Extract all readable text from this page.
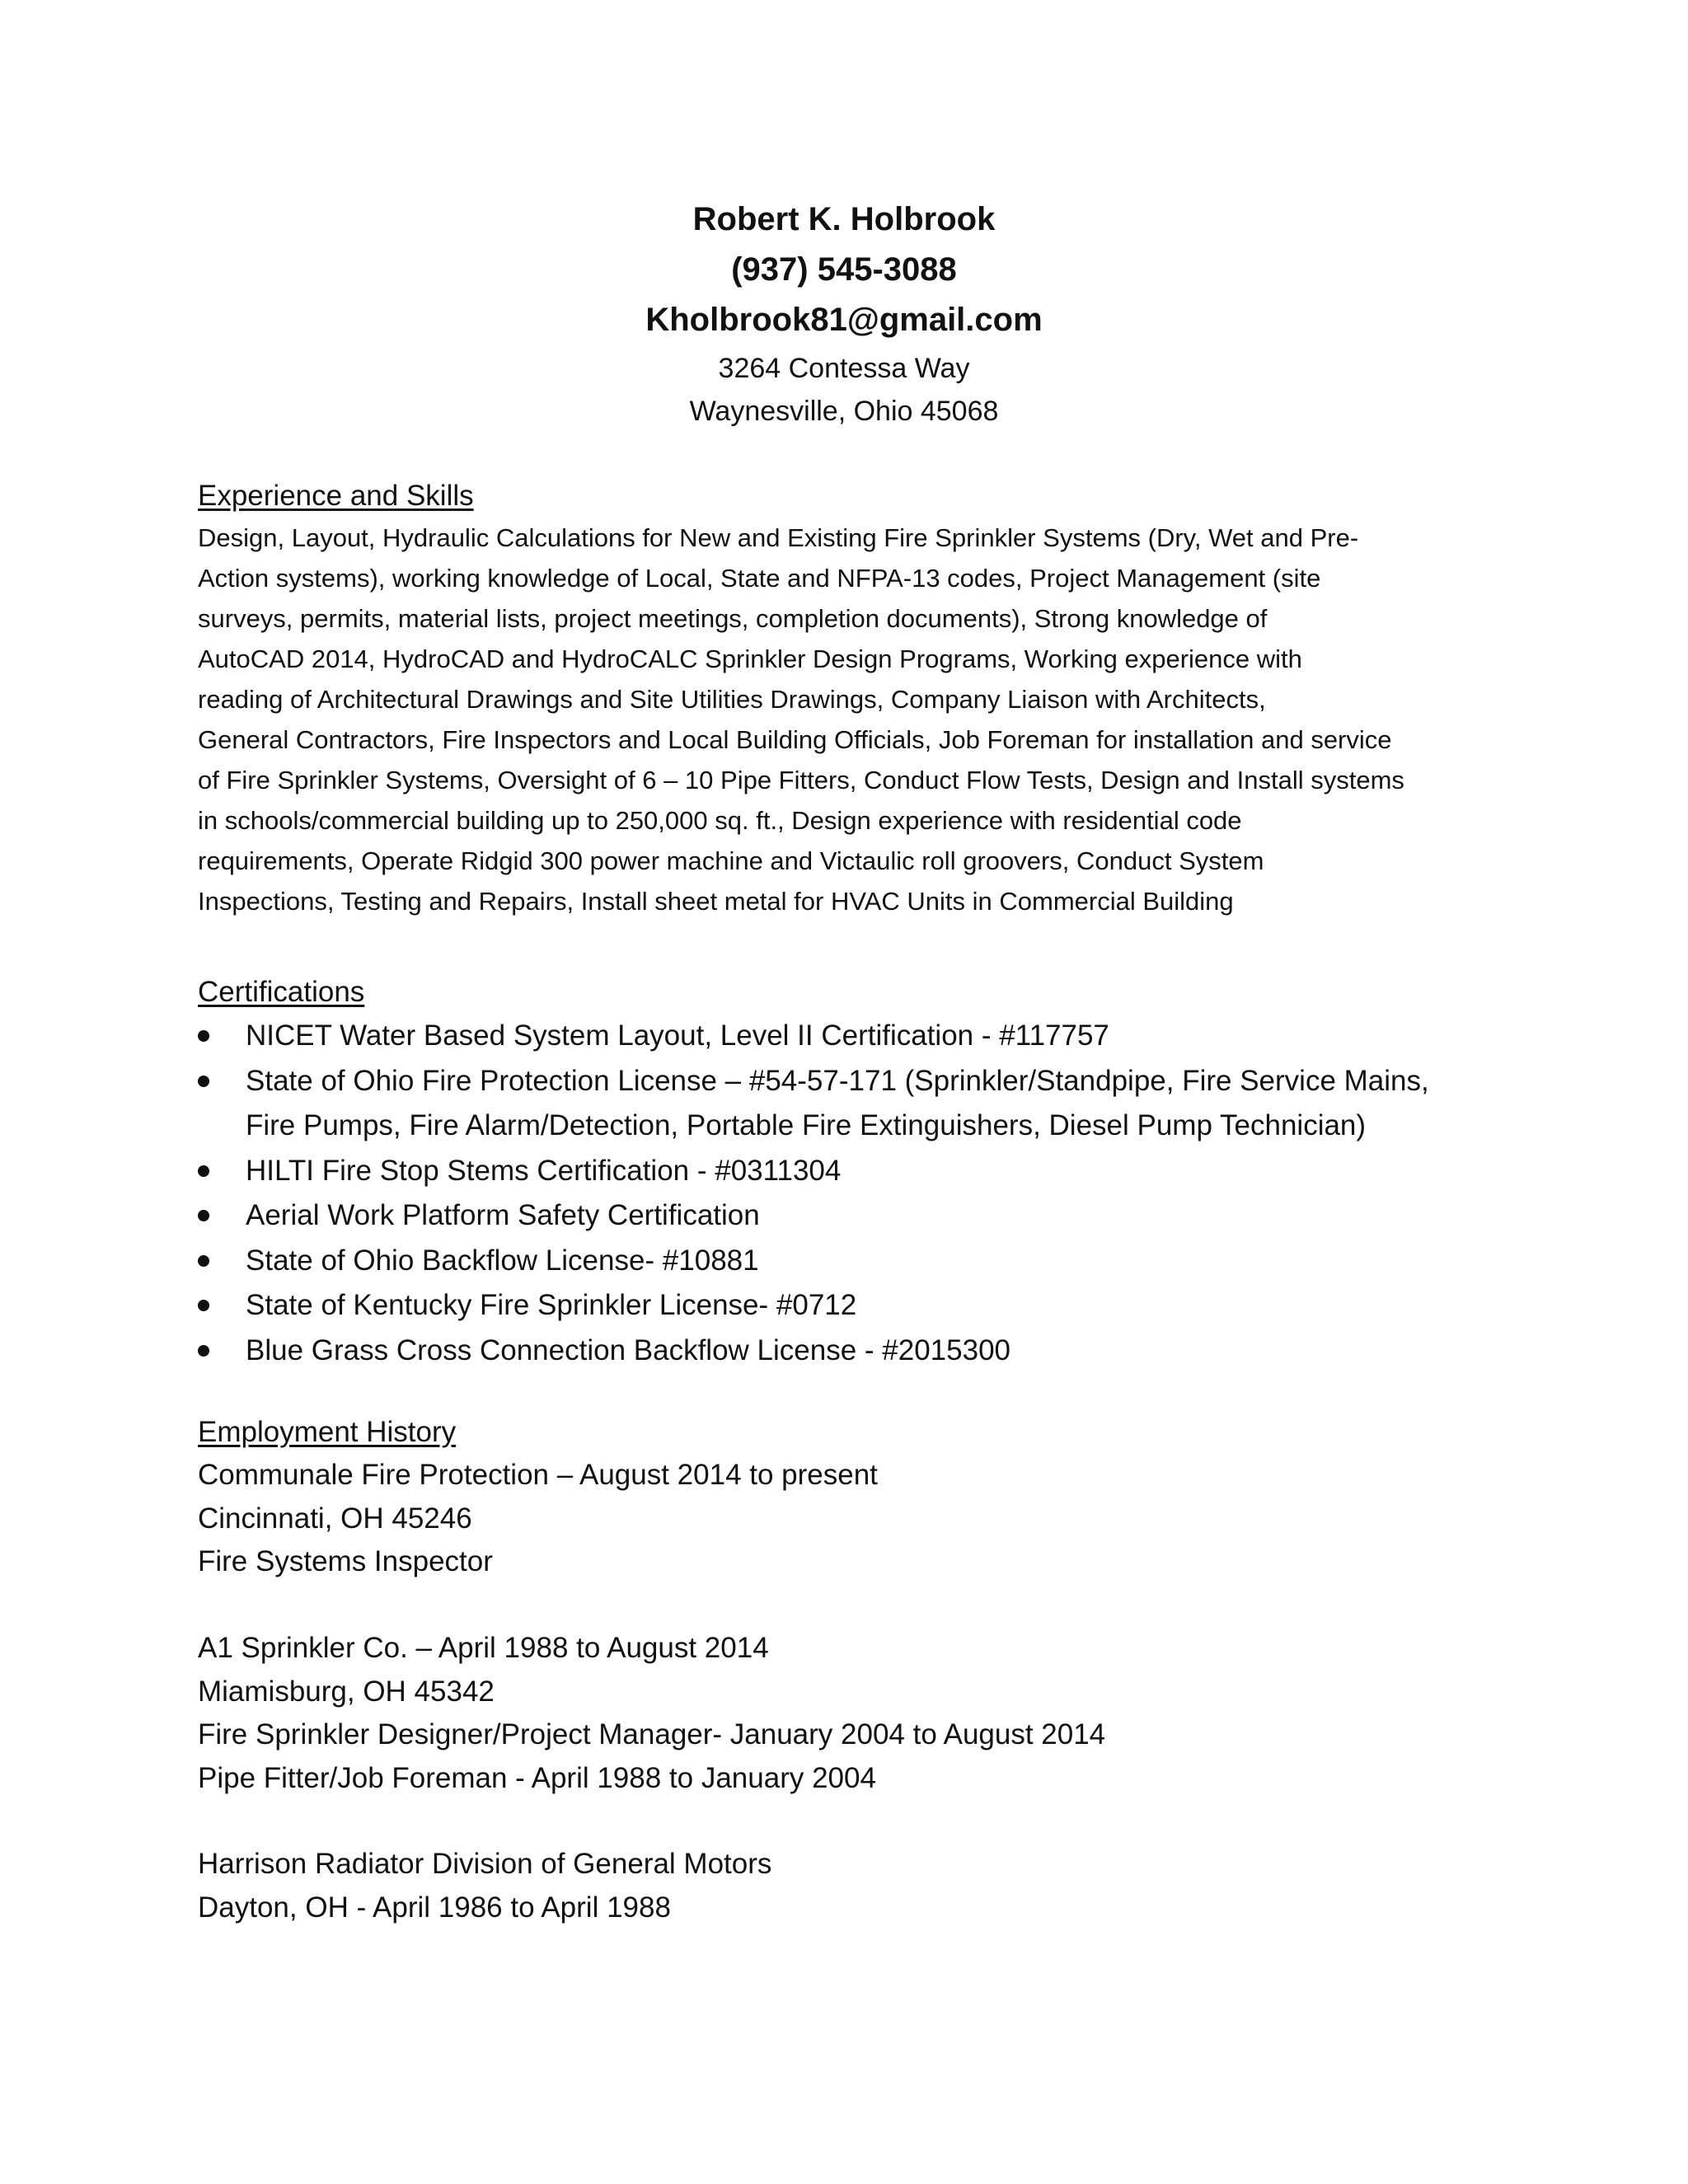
Robert K. Holbrook
(937) 545-3088
Kholbrook81@gmail.com
3264 Contessa Way
Waynesville, Ohio 45068
Experience and Skills
Design, Layout, Hydraulic Calculations for New and Existing Fire Sprinkler Systems (Dry, Wet and Pre-
Action systems), working knowledge of Local, State and NFPA-13 codes, Project Management (site
surveys, permits, material lists, project meetings, completion documents), Strong knowledge of
AutoCAD 2014, HydroCAD and HydroCALC Sprinkler Design Programs, Working experience with
reading of Architectural Drawings and Site Utilities Drawings, Company Liaison with Architects,
General Contractors, Fire Inspectors and Local Building Officials, Job Foreman for installation and service
of Fire Sprinkler Systems, Oversight of 6 – 10 Pipe Fitters, Conduct Flow Tests, Design and Install systems
in schools/commercial building up to 250,000 sq. ft., Design experience with residential code
requirements, Operate Ridgid 300 power machine and Victaulic roll groovers, Conduct System
Inspections, Testing and Repairs, Install sheet metal for HVAC Units in Commercial Building
Certifications
NICET Water Based System Layout, Level II Certification - #117757
State of Ohio Fire Protection License – #54-57-171 (Sprinkler/Standpipe, Fire Service Mains,
Fire Pumps, Fire Alarm/Detection, Portable Fire Extinguishers, Diesel Pump Technician)
HILTI Fire Stop Stems Certification - #0311304
Aerial Work Platform Safety Certification
State of Ohio Backflow License- #10881
State of Kentucky Fire Sprinkler License- #0712
Blue Grass Cross Connection Backflow License - #2015300
Employment History
Communale Fire Protection – August 2014 to present
Cincinnati, OH 45246
Fire Systems Inspector
A1 Sprinkler Co. – April 1988 to August 2014
Miamisburg, OH 45342
Fire Sprinkler Designer/Project Manager- January 2004 to August 2014
Pipe Fitter/Job Foreman - April 1988 to January 2004
Harrison Radiator Division of General Motors
Dayton, OH - April 1986 to April 1988
